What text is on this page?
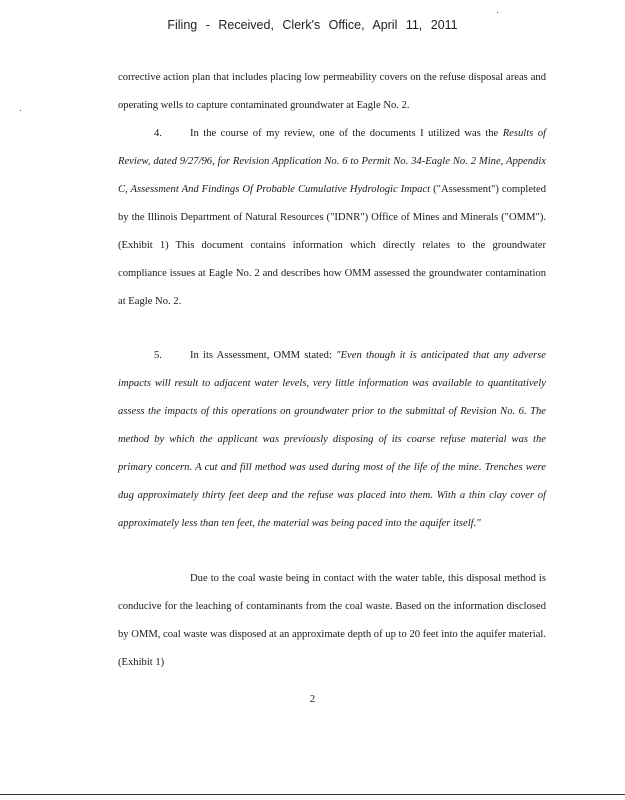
Filing - Received, Clerk's Office, April 11, 2011

corrective action plan that includes placing low permeability covers on the refuse disposal areas and operating wells to capture contaminated groundwater at Eagle No. 2.

4.	In the course of my review, one of the documents I utilized was the Results of Review, dated 9/27/96, for Revision Application No. 6 to Permit No. 34-Eagle No. 2 Mine, Appendix C, Assessment And Findings Of Probable Cumulative Hydrologic Impact ("Assessment") completed by the Illinois Department of Natural Resources ("IDNR") Office of Mines and Minerals ("OMM"). (Exhibit 1) This document contains information which directly relates to the groundwater compliance issues at Eagle No. 2 and describes how OMM assessed the groundwater contamination at Eagle No. 2.

5.	In its Assessment, OMM stated: "Even though it is anticipated that any adverse impacts will result to adjacent water levels, very little information was available to quantitatively assess the impacts of this operations on groundwater prior to the submittal of Revision No. 6. The method by which the applicant was previously disposing of its coarse refuse material was the primary concern. A cut and fill method was used during most of the life of the mine. Trenches were dug approximately thirty feet deep and the refuse was placed into them. With a thin clay cover of approximately less than ten feet, the material was being paced into the aquifer itself."

Due to the coal waste being in contact with the water table, this disposal method is conducive for the leaching of contaminants from the coal waste. Based on the information disclosed by OMM, coal waste was disposed at an approximate depth of up to 20 feet into the aquifer material. (Exhibit 1)

2
